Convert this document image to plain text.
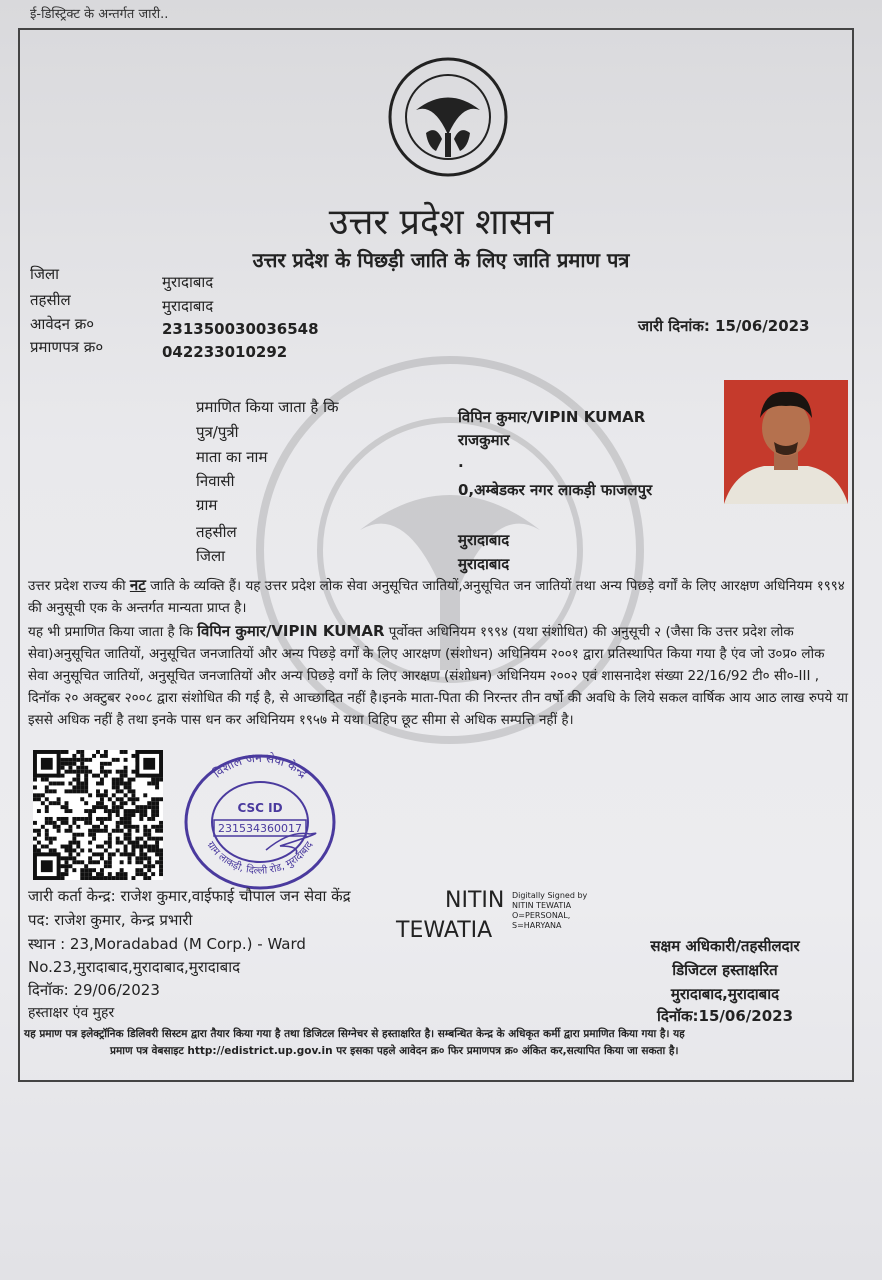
ई-डिस्ट्रिक्ट के अन्तर्गत जारी..
उत्तर प्रदेश शासन
उत्तर प्रदेश के पिछड़ी जाति के लिए जाति प्रमाण पत्र
जिला	मुरादाबाद
तहसील	मुरादाबाद
आवेदन क्र०	231350030036548
प्रमाणपत्र क्र०	042233010292
जारी दिनांक: 15/06/2023
प्रमाणित किया जाता है कि
विपिन कुमार/VIPIN KUMAR
पुत्र/पुत्री	राजकुमार
माता का नाम	.
निवासी	0,अम्बेडकर नगर लाकड़ी फाजलपुर
ग्राम
तहसील	मुरादाबाद
जिला	मुरादाबाद
उत्तर प्रदेश राज्य की नट जाति के व्यक्ति हैं। यह उत्तर प्रदेश लोक सेवा अनुसूचित जातियों,अनुसूचित जन जातियों तथा अन्य पिछड़े वर्गों के लिए आरक्षण अधिनियम १९९४ की अनुसूची एक के अन्तर्गत मान्यता प्राप्त है।
यह भी प्रमाणित किया जाता है कि विपिन कुमार/VIPIN KUMAR पूर्वोक्त अधिनियम १९९४ (यथा संशोधित) की अनुसूची २ (जैसा कि उत्तर प्रदेश लोक सेवा)अनुसूचित जातियों, अनुसूचित जनजातियों और अन्य पिछड़े वर्गों के लिए आरक्षण (संशोधन) अधिनियम २००१ द्वारा प्रतिस्थापित किया गया है एंव जो उ०प्र० लोक सेवा अनुसूचित जातियों, अनुसूचित जनजातियों और अन्य पिछड़े वर्गों के लिए आरक्षण (संशोधन) अधिनियम २००२ एवं शासनादेश संख्या 22/16/92 टी० सी०-III , दिनॉक २० अक्टुबर २००८ द्वारा संशोधित की गई है, से आच्छादित नहीं है।इनके माता-पिता की निरन्तर तीन वर्षो की अवधि के लिये सकल वार्षिक आय आठ लाख रुपये या इससे अधिक नहीं है तथा इनके पास धन कर अधिनियम १९५७ मे यथा विहिप छूट सीमा से अधिक सम्पत्ति नहीं है।
विशाल जन सेवा केन्द्र
ग्राम लाकड़ी, दिल्ली रोड, मुरादाबाद
CSC ID
231534360017
जारी कर्ता केन्द्र: राजेश कुमार,वाईफाई चौपाल जन सेवा केंद्र
पद: राजेश कुमार, केन्द्र प्रभारी
स्थान : 23,Moradabad (M Corp.) - Ward
No.23,मुरादाबाद,मुरादाबाद,मुरादाबाद
दिनॉक: 29/06/2023
हस्ताक्षर एंव मुहर
NITIN
TEWATIA
Digitally Signed by
NITIN TEWATIA
O=PERSONAL,
S=HARYANA
सक्षम अधिकारी/तहसीलदार
डिजिटल हस्ताक्षरित
मुरादाबाद,मुरादाबाद
दिनॉक:15/06/2023
यह प्रमाण पत्र इलेक्ट्रॉनिक डिलिवरी सिस्टम द्वारा तैयार किया गया है तथा डिजिटल सिग्नेचर से हस्ताक्षरित है। सम्बन्धित केन्द्र के अधिकृत कर्मी द्वारा प्रमाणित किया गया है। यह
प्रमाण पत्र वेबसाइट http://edistrict.up.gov.in पर इसका पहले आवेदन क्र० फिर प्रमाणपत्र क्र० अंकित कर,सत्यापित किया जा सकता है।
